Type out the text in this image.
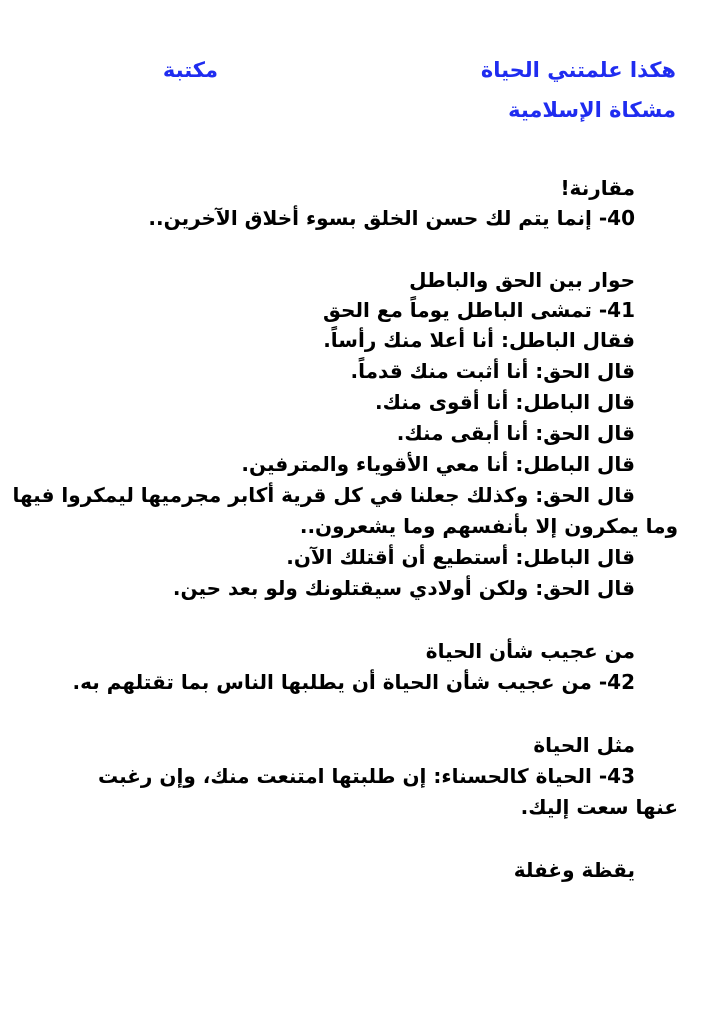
هكذا علمتني الحياة
مكتبة
مشكاة الإسلامية
مقارنة!
40- إنما يتم لك حسن الخلق بسوء أخلاق الآخرين..
حوار بين الحق والباطل
41- تمشى الباطل يوماً مع الحق
فقال الباطل: أنا أعلا منك رأساً.
قال الحق: أنا أثبت منك قدماً.
قال الباطل: أنا أقوى منك.
قال الحق: أنا أبقى منك.
قال الباطل: أنا معي الأقوياء والمترفين.
قال الحق: وكذلك جعلنا في كل قرية أكابر مجرميها ليمكروا فيها
وما يمكرون إلا بأنفسهم وما يشعرون..
قال الباطل: أستطيع أن أقتلك الآن.
قال الحق: ولكن أولادي سيقتلونك ولو بعد حين.
من عجيب شأن الحياة
42- من عجيب شأن الحياة أن يطلبها الناس بما تقتلهم به.
مثل الحياة
43- الحياة كالحسناء: إن طلبتها امتنعت منك، وإن رغبت
عنها سعت إليك.
يقظة وغفلة
